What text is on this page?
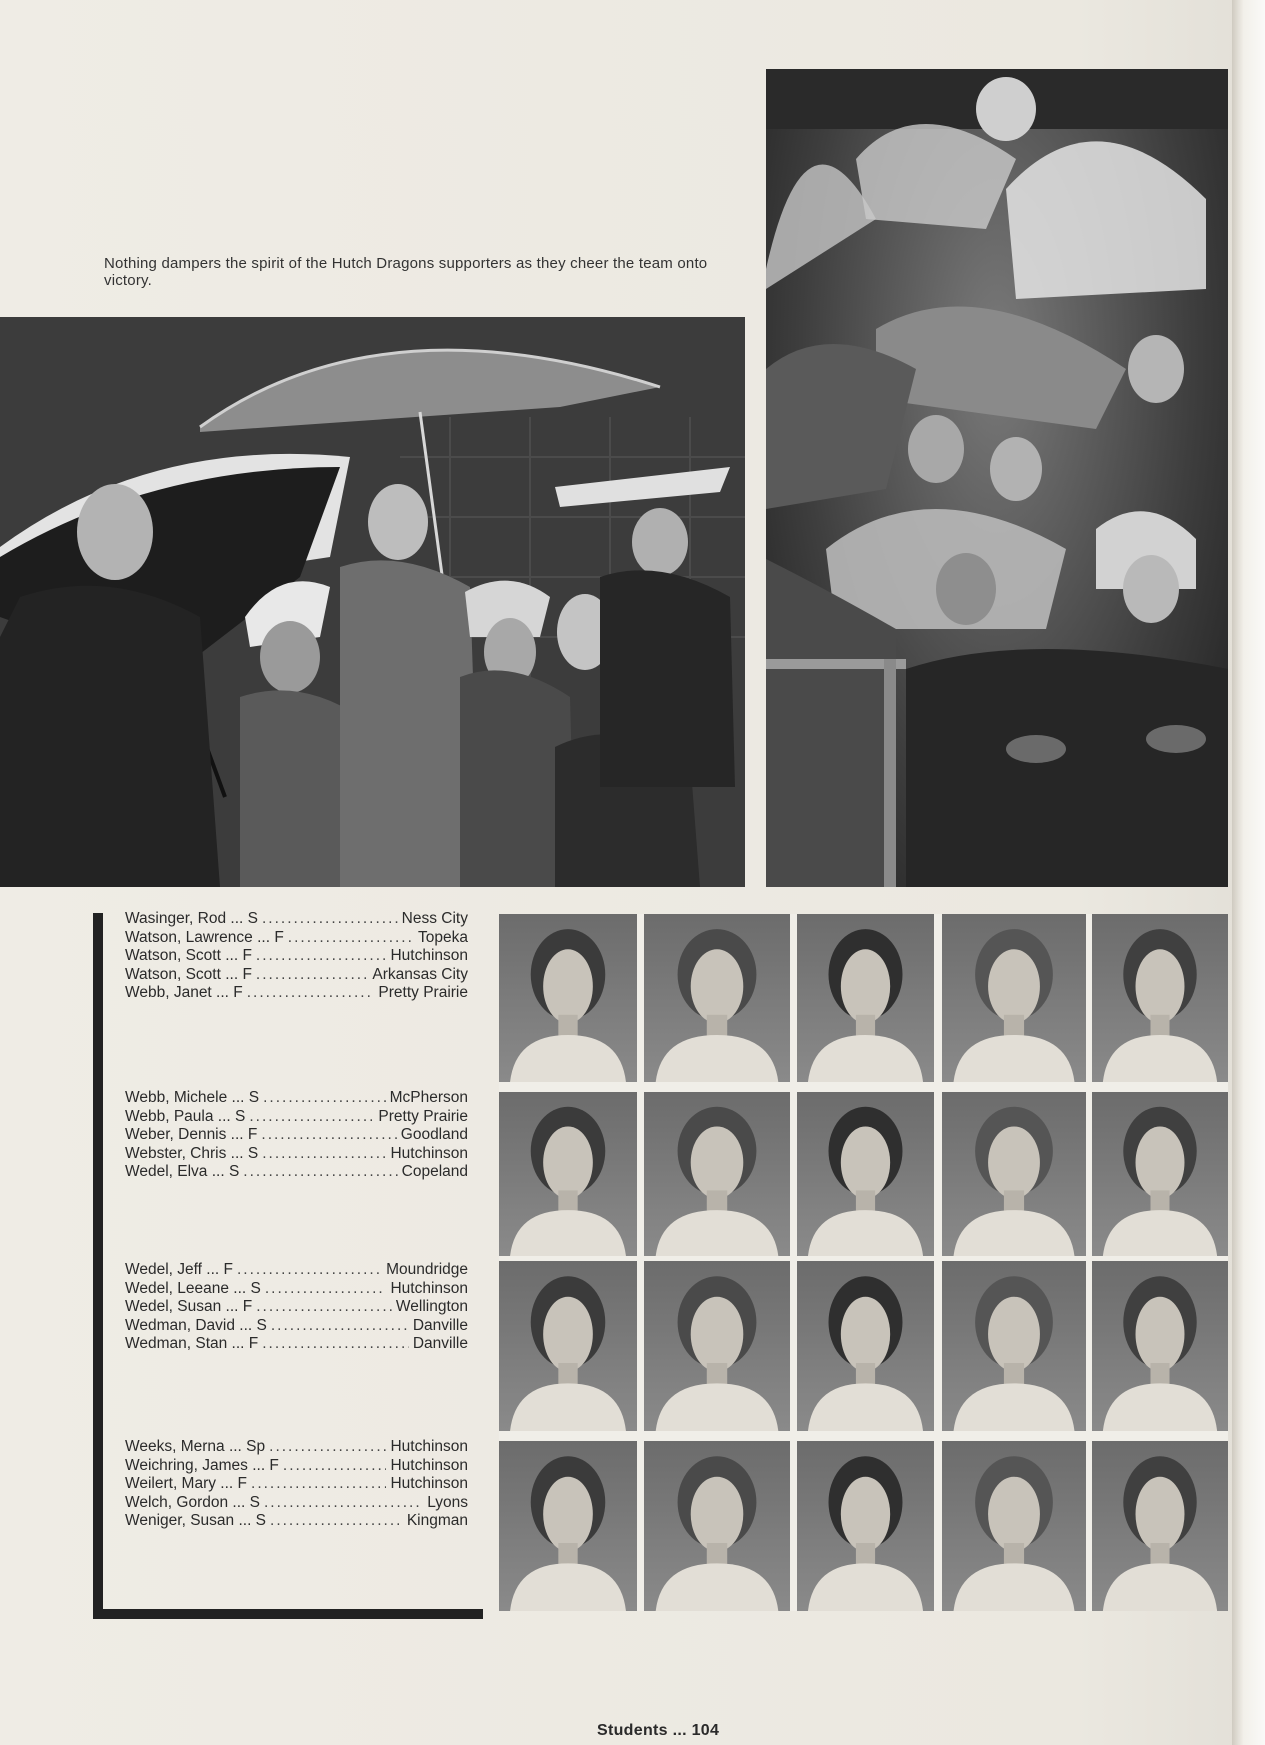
Nothing dampers the spirit of the Hutch Dragons supporters as they cheer the team onto victory.
Wasinger, Rod ... S .....	Ness City
Watson, Lawrence ... F .....	Topeka
Watson, Scott ... F .....	Hutchinson
Watson, Scott ... F .....	Arkansas City
Webb, Janet ... F .....	Pretty Prairie
Webb, Michele ... S .....	McPherson
Webb, Paula ... S .....	Pretty Prairie
Weber, Dennis ... F .....	Goodland
Webster, Chris ... S .....	Hutchinson
Wedel, Elva ... S .....	Copeland
Wedel, Jeff ... F .....	Moundridge
Wedel, Leeane ... S .....	Hutchinson
Wedel, Susan ... F .....	Wellington
Wedman, David ... S .....	Danville
Wedman, Stan ... F .....	Danville
Weeks, Merna ... Sp .....	Hutchinson
Weichring, James ... F .....	Hutchinson
Weilert, Mary ... F .....	Hutchinson
Welch, Gordon ... S .....	Lyons
Weniger, Susan ... S .....	Kingman
Students ... 104
